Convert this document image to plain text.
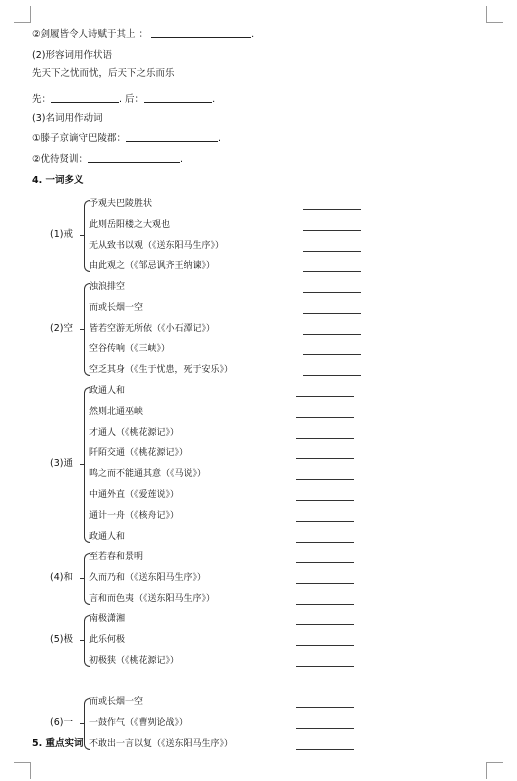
②剑履皆令人诗赋于其上 ：	.
(2)形容词用作状语
先天下之忧而忧，后天下之乐而乐
先：	. 后：	.
(3)名词用作动词
①滕子京谪守巴陵郡：	.
②优待贤训：	.
4. 一词多义
(1)戒
予观夫巴陵胜状
此则岳阳楼之大观也
无从致书以观（《送东阳马生序》）
由此观之（《邹忌讽齐王纳谏》）
(2)空
浊浪排空
而或长烟一空
皆若空游无所依（《小石潭记》）
空谷传响（《三峡》）
空乏其身（《生于忧患，死于安乐》）
(3)通
政通人和
然则北通巫峡
才通人（《桃花源记》）
阡陌交通（《桃花源记》）
鸣之而不能通其意（《马说》）
中通外直（《爱莲说》）
通计一舟（《核舟记》）
政通人和
(4)和
至若春和景明
久而乃和（《送东阳马生序》）
言和而色夷（《送东阳马生序》）
(5)极
南极潇湘
此乐何极
初极狭（《桃花源记》）
(6)一
而或长烟一空
一鼓作气（《曹刿论战》）
不敢出一言以复（《送东阳马生序》）
5. 重点实词
